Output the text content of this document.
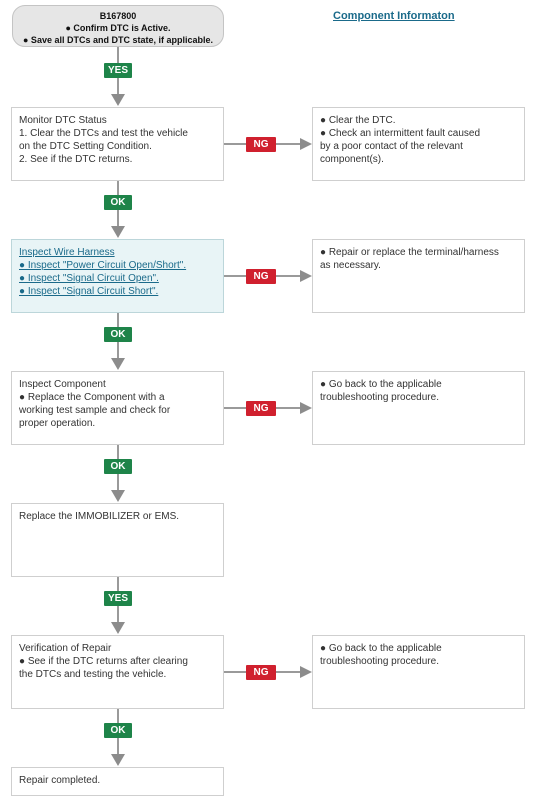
Component Informaton
B167800
● Confirm DTC is Active.
● Save all DTCs and DTC state, if applicable.
Monitor DTC Status
1. Clear the DTCs and test the vehicle
on the DTC Setting Condition.
2. See if the DTC returns.
● Clear the DTC.
● Check an intermittent fault caused
by a poor contact of the relevant
component(s).
Inspect Wire Harness
● Inspect "Power Circuit Open/Short".
● Inspect "Signal Circuit Open".
● Inspect "Signal Circuit Short".
● Repair or replace the terminal/harness
as necessary.
Inspect Component
● Replace the Component with a
working test sample and check for
proper operation.
● Go back to the applicable
troubleshooting procedure.
Replace the IMMOBILIZER or EMS.
Verification of Repair
● See if the DTC returns after clearing
the DTCs and testing the vehicle.
● Go back to the applicable
troubleshooting procedure.
Repair completed.
YES
OK
OK
OK
YES
OK
NG
NG
NG
NG
